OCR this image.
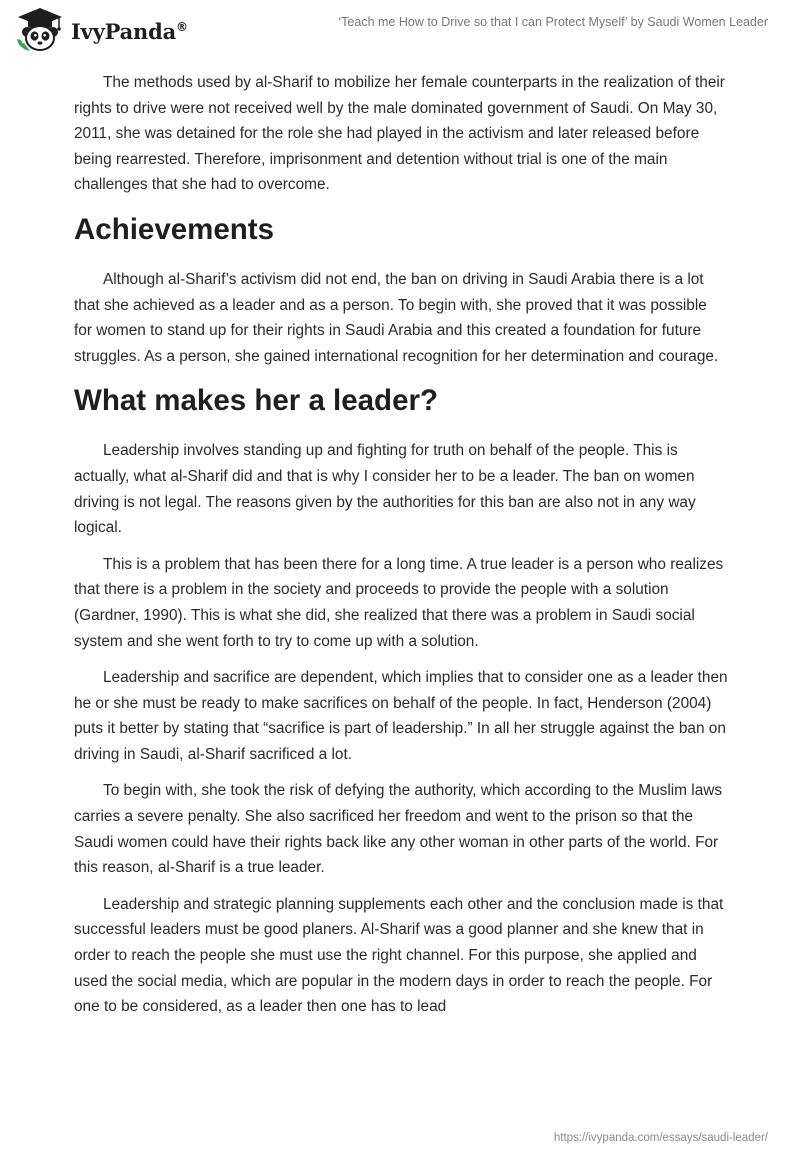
IvyPanda®	‘Teach me How to Drive so that I can Protect Myself’ by Saudi Women Leader

The methods used by al-Sharif to mobilize her female counterparts in the realization of their rights to drive were not received well by the male dominated government of Saudi. On May 30, 2011, she was detained for the role she had played in the activism and later released before being rearrested. Therefore, imprisonment and detention without trial is one of the main challenges that she had to overcome.

Achievements

Although al-Sharif’s activism did not end, the ban on driving in Saudi Arabia there is a lot that she achieved as a leader and as a person. To begin with, she proved that it was possible for women to stand up for their rights in Saudi Arabia and this created a foundation for future struggles. As a person, she gained international recognition for her determination and courage.

What makes her a leader?

Leadership involves standing up and fighting for truth on behalf of the people. This is actually, what al-Sharif did and that is why I consider her to be a leader. The ban on women driving is not legal. The reasons given by the authorities for this ban are also not in any way logical.

This is a problem that has been there for a long time. A true leader is a person who realizes that there is a problem in the society and proceeds to provide the people with a solution (Gardner, 1990). This is what she did, she realized that there was a problem in Saudi social system and she went forth to try to come up with a solution.

Leadership and sacrifice are dependent, which implies that to consider one as a leader then he or she must be ready to make sacrifices on behalf of the people. In fact, Henderson (2004) puts it better by stating that “sacrifice is part of leadership.” In all her struggle against the ban on driving in Saudi, al-Sharif sacrificed a lot.

To begin with, she took the risk of defying the authority, which according to the Muslim laws carries a severe penalty. She also sacrificed her freedom and went to the prison so that the Saudi women could have their rights back like any other woman in other parts of the world. For this reason, al-Sharif is a true leader.

Leadership and strategic planning supplements each other and the conclusion made is that successful leaders must be good planers. Al-Sharif was a good planner and she knew that in order to reach the people she must use the right channel. For this purpose, she applied and used the social media, which are popular in the modern days in order to reach the people. For one to be considered, as a leader then one has to lead

https://ivypanda.com/essays/saudi-leader/
